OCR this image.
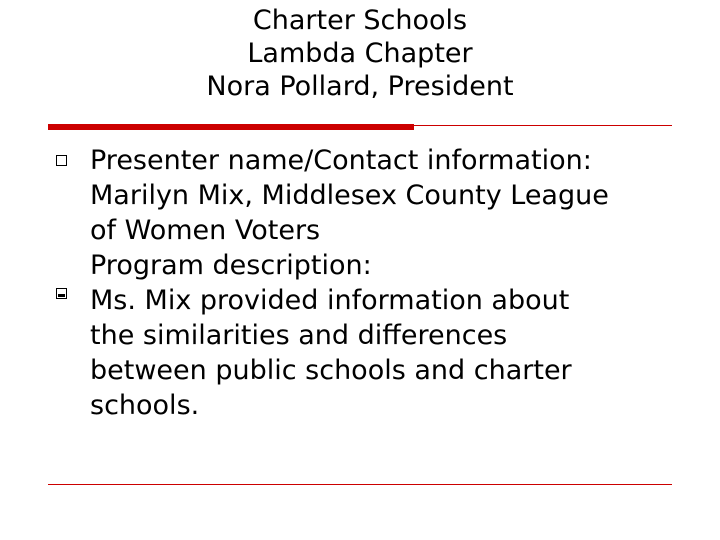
Charter Schools
Lambda Chapter
Nora Pollard, President
Presenter name/Contact information:
Marilyn Mix, Middlesex County League
of Women Voters
Program description:
Ms. Mix provided information about
the similarities and differences
between public schools and charter
schools.
